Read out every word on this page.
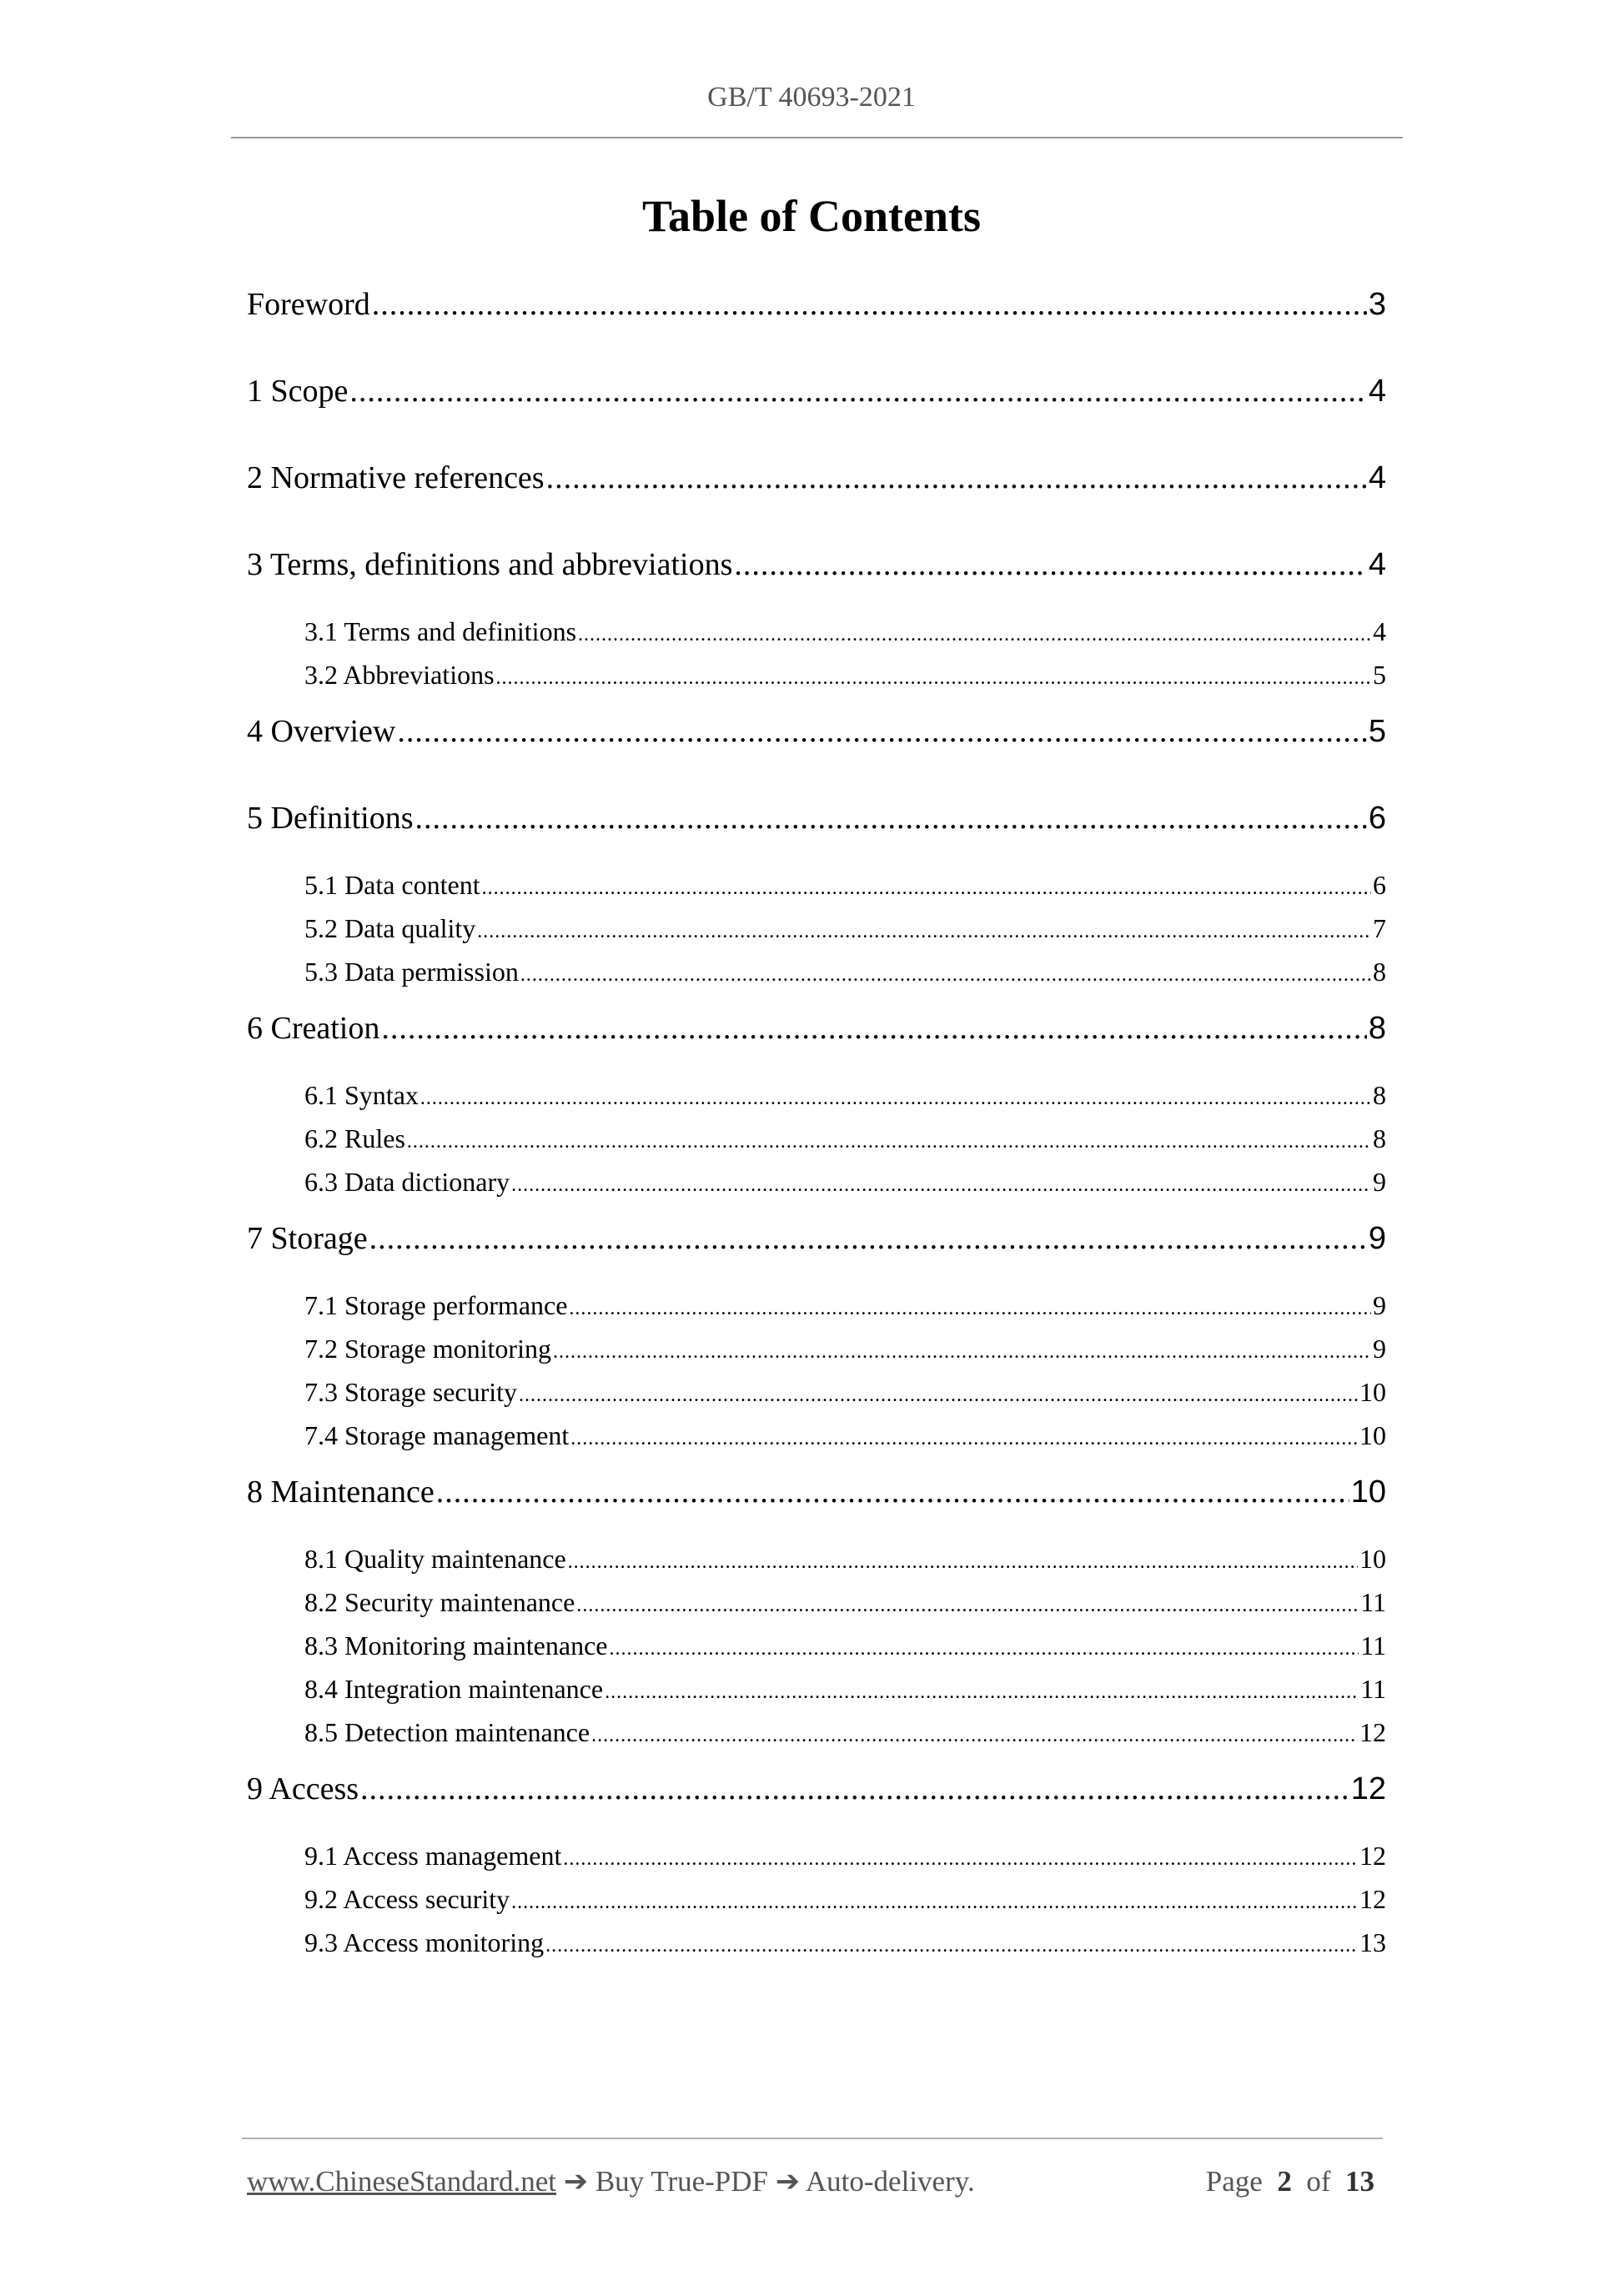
GB/T 40693-2021
Table of Contents
Foreword .....	3
1 Scope .....	4
2 Normative references .....	4
3 Terms, definitions and abbreviations .....	4
3.1 Terms and definitions .....	4
3.2 Abbreviations .....	5
4 Overview .....	5
5 Definitions .....	6
5.1 Data content .....	6
5.2 Data quality .....	7
5.3 Data permission .....	8
6 Creation .....	8
6.1 Syntax .....	8
6.2 Rules .....	8
6.3 Data dictionary .....	9
7 Storage .....	9
7.1 Storage performance .....	9
7.2 Storage monitoring .....	9
7.3 Storage security .....	10
7.4 Storage management .....	10
8 Maintenance .....	10
8.1 Quality maintenance .....	10
8.2 Security maintenance .....	11
8.3 Monitoring maintenance .....	11
8.4 Integration maintenance .....	11
8.5 Detection maintenance .....	12
9 Access .....	12
9.1 Access management .....	12
9.2 Access security .....	12
9.3 Access monitoring .....	13
www.ChineseStandard.net ➔ Buy True-PDF ➔ Auto-delivery.	Page 2 of 13
